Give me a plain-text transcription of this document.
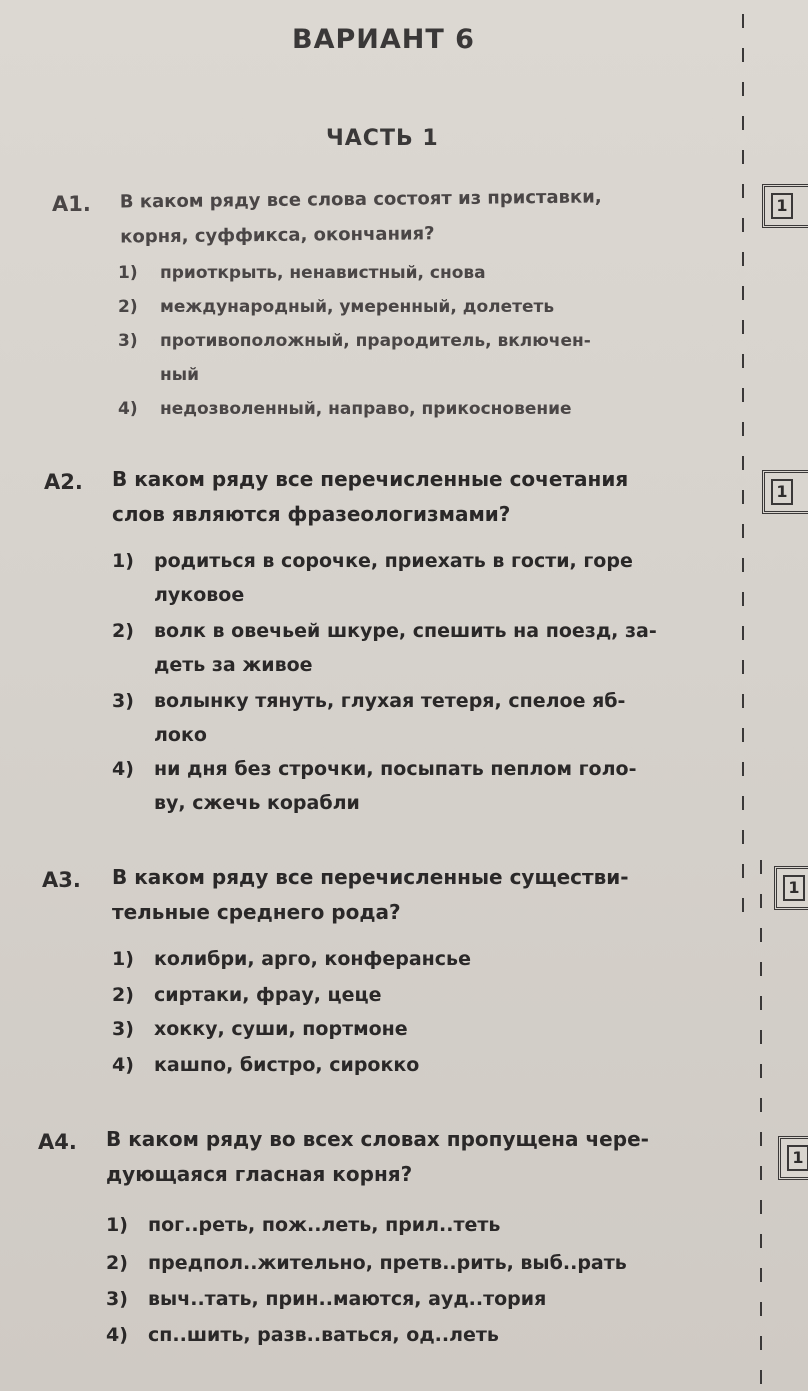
ВАРИАНТ 6
ЧАСТЬ 1
А1. В каком ряду все слова состоят из приставки,
корня, суффикса, окончания?
1) приоткрыть, ненавистный, снова
2) международный, умеренный, долететь
3) противоположный, прародитель, включен-
ный
4) недозволенный, направо, прикосновение
А2. В каком ряду все перечисленные сочетания
слов являются фразеологизмами?
1) родиться в сорочке, приехать в гости, горе
луковое
2) волк в овечьей шкуре, спешить на поезд, за-
деть за живое
3) волынку тянуть, глухая тетеря, спелое яб-
локо
4) ни дня без строчки, посыпать пеплом голо-
ву, сжечь корабли
А3. В каком ряду все перечисленные существи-
тельные среднего рода?
1) колибри, арго, конферансье
2) сиртаки, фрау, цеце
3) хокку, суши, портмоне
4) кашпо, бистро, сирокко
А4. В каком ряду во всех словах пропущена чере-
дующаяся гласная корня?
1) пог..реть, пож..леть, прил..теть
2) предпол..жительно, претв..рить, выб..рать
3) выч..тать, прин..маются, ауд..тория
4) сп..шить, разв..ваться, од..леть
1
1
1
1
